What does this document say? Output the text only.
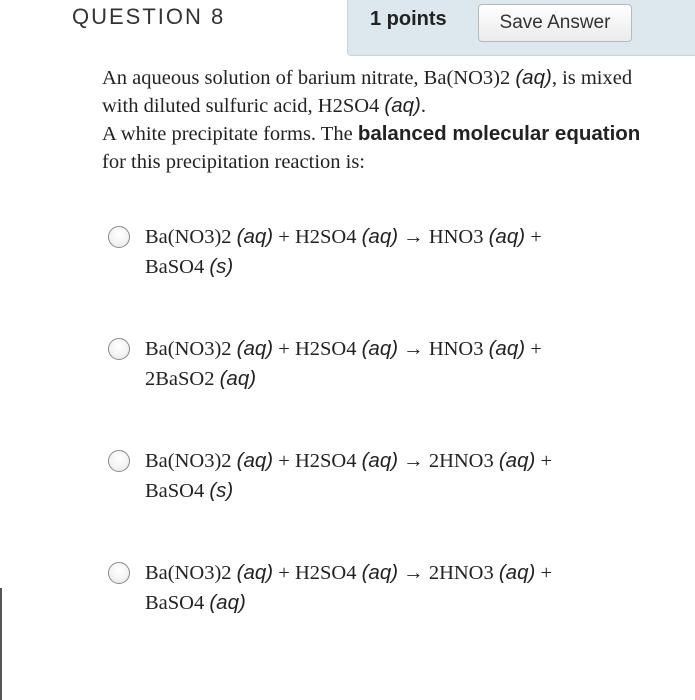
QUESTION 8	1 points	Save Answer
An aqueous solution of barium nitrate, Ba(NO3)2 (aq), is mixed with diluted sulfuric acid, H2SO4 (aq).
A white precipitate forms. The balanced molecular equation for this precipitation reaction is:
Ba(NO3)2 (aq) + H2SO4 (aq) → HNO3 (aq) +
BaSO4 (s)
Ba(NO3)2 (aq) + H2SO4 (aq) → HNO3 (aq) +
2BaSO2 (aq)
Ba(NO3)2 (aq) + H2SO4 (aq) → 2HNO3 (aq) +
BaSO4 (s)
Ba(NO3)2 (aq) + H2SO4 (aq) → 2HNO3 (aq) +
BaSO4 (aq)
